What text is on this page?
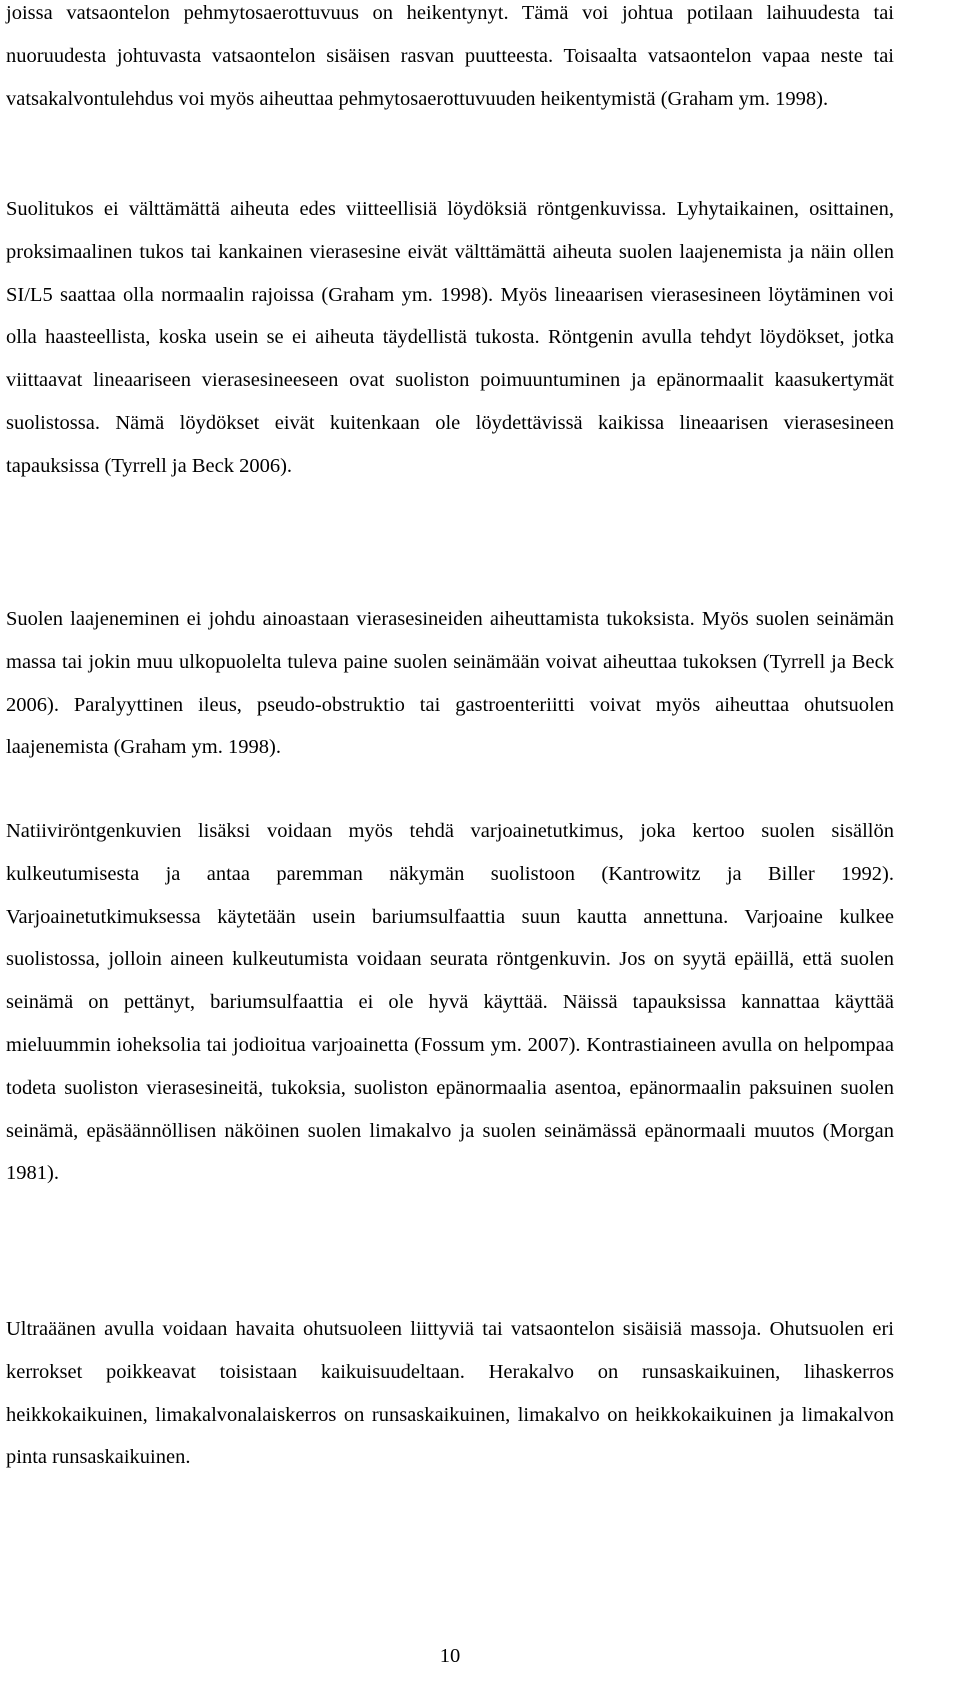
joissa vatsaontelon pehmytosaerottuvuus on heikentynyt. Tämä voi johtua potilaan laihuudesta tai nuoruudesta johtuvasta vatsaontelon sisäisen rasvan puutteesta. Toisaalta vatsaontelon vapaa neste tai vatsakalvontulehdus voi myös aiheuttaa pehmytosaerottuvuuden heikentymistä (Graham ym. 1998).

Suolitukos ei välttämättä aiheuta edes viitteellisiä löydöksiä röntgenkuvissa. Lyhytaikainen, osittainen, proksimaalinen tukos tai kankainen vierasesine eivät välttämättä aiheuta suolen laajenemista ja näin ollen SI/L5 saattaa olla normaalin rajoissa (Graham ym. 1998). Myös lineaarisen vierasesineen löytäminen voi olla haasteellista, koska usein se ei aiheuta täydellistä tukosta. Röntgenin avulla tehdyt löydökset, jotka viittaavat lineaariseen vierasesineeseen ovat suoliston poimuuntuminen ja epänormaalit kaasukertymät suolistossa. Nämä löydökset eivät kuitenkaan ole löydettävissä kaikissa lineaarisen vierasesineen tapauksissa (Tyrrell ja Beck 2006).

Suolen laajeneminen ei johdu ainoastaan vierasesineiden aiheuttamista tukoksista. Myös suolen seinämän massa tai jokin muu ulkopuolelta tuleva paine suolen seinämään voivat aiheuttaa tukoksen (Tyrrell ja Beck 2006). Paralyyttinen ileus, pseudo-obstruktio tai gastroenteriitti voivat myös aiheuttaa ohutsuolen laajenemista (Graham ym. 1998).

Natiiviröntgenkuvien lisäksi voidaan myös tehdä varjoainetutkimus, joka kertoo suolen sisällön kulkeutumisesta ja antaa paremman näkymän suolistoon (Kantrowitz ja Biller 1992). Varjoainetutkimuksessa käytetään usein bariumsulfaattia suun kautta annettuna. Varjoaine kulkee suolistossa, jolloin aineen kulkeutumista voidaan seurata röntgenkuvin. Jos on syytä epäillä, että suolen seinämä on pettänyt, bariumsulfaattia ei ole hyvä käyttää. Näissä tapauksissa kannattaa käyttää mieluummin ioheksolia tai jodioitua varjoainetta (Fossum ym. 2007). Kontrastiaineen avulla on helpompaa todeta suoliston vierasesineitä, tukoksia, suoliston epänormaalia asentoa, epänormaalin paksuinen suolen seinämä, epäsäännöllisen näköinen suolen limakalvo ja suolen seinämässä epänormaali muutos (Morgan 1981).

Ultraäänen avulla voidaan havaita ohutsuoleen liittyviä tai vatsaontelon sisäisiä massoja. Ohutsuolen eri kerrokset poikkeavat toisistaan kaikuisuudeltaan. Herakalvo on runsaskaikuinen, lihaskerros heikkokaikuinen, limakalvonalaiskerros on runsaskaikuinen, limakalvo on heikkokaikuinen ja limakalvon pinta runsaskaikuinen.

10
